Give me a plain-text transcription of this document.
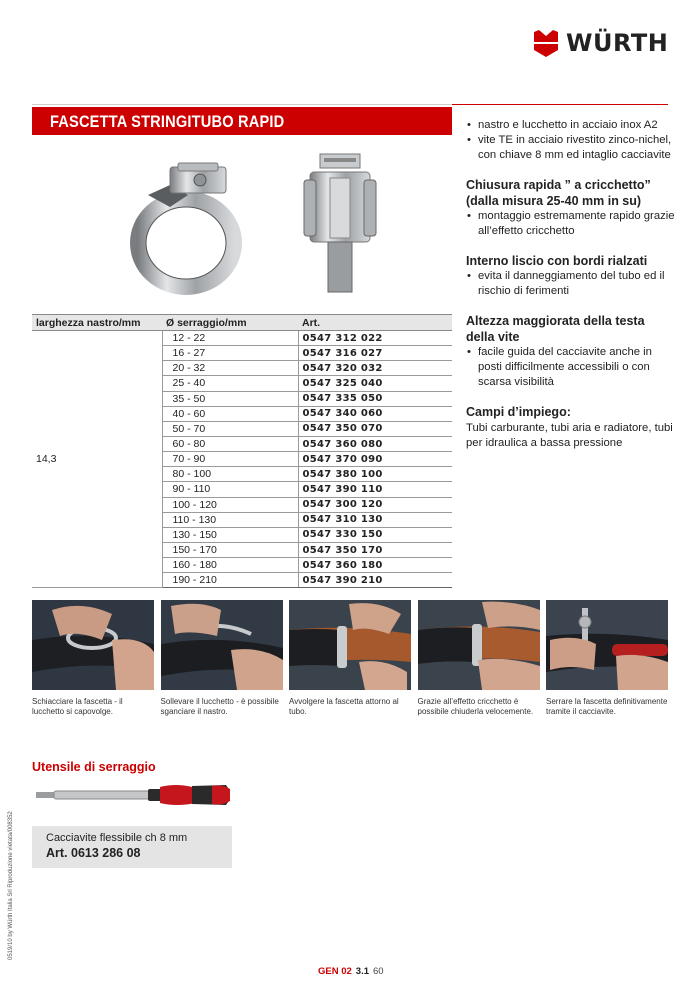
WÜRTH
FASCETTA STRINGITUBO RAPID	• nastro e lucchetto in acciaio inox A2
• vite TE in acciaio rivestito zinco-nichel, con chiave 8 mm ed intaglio cacciavite
Chiusura rapida ” a cricchetto” (dalla misura 25-40 mm in su)
• montaggio estremamente rapido grazie all’effetto cricchetto
Interno liscio con bordi rialzati
• evita il danneggiamento del tubo ed il rischio di ferimenti
Altezza maggiorata della testa della vite
• facile guida del cacciavite anche in posti difficilmente accessibili o con scarsa visibilità
Campi d’impiego:

Tubi carburante, tubi aria e radiatore, tubi per idraulica a bassa pressione

larghezza nastro/mm	Ø serraggio/mm	Art.
14,3	12 - 22	0547 312 022
	16 - 27	0547 316 027
	20 - 32	0547 320 032
	25 - 40	0547 325 040
	35 - 50	0547 335 050
	40 - 60	0547 340 060
	50 - 70	0547 350 070
	60 - 80	0547 360 080
	70 - 90	0547 370 090
	80 - 100	0547 380 100
	90 - 110	0547 390 110
	100 - 120	0547 300 120
	110 - 130	0547 310 130
	130 - 150	0547 330 150
	150 - 170	0547 350 170
	160 - 180	0547 360 180
	190 - 210	0547 390 210
Schiacciare la fascetta - il lucchetto si capovolge.
Sollevare il lucchetto - è possibile sganciare il nastro.
Avvolgere la fascetta attorno al tubo.
Grazie all’effetto cricchetto è possibile chiuderla velocemente.
Serrare la fascetta definitivamente tramite il cacciavite.
Utensile di serraggio
Cacciavite flessibile ch 8 mm
Art. 0613 286 08
0519/10 by Würth Italia Srl Riproduzione vietata/008352
GEN 02 3.1 60
